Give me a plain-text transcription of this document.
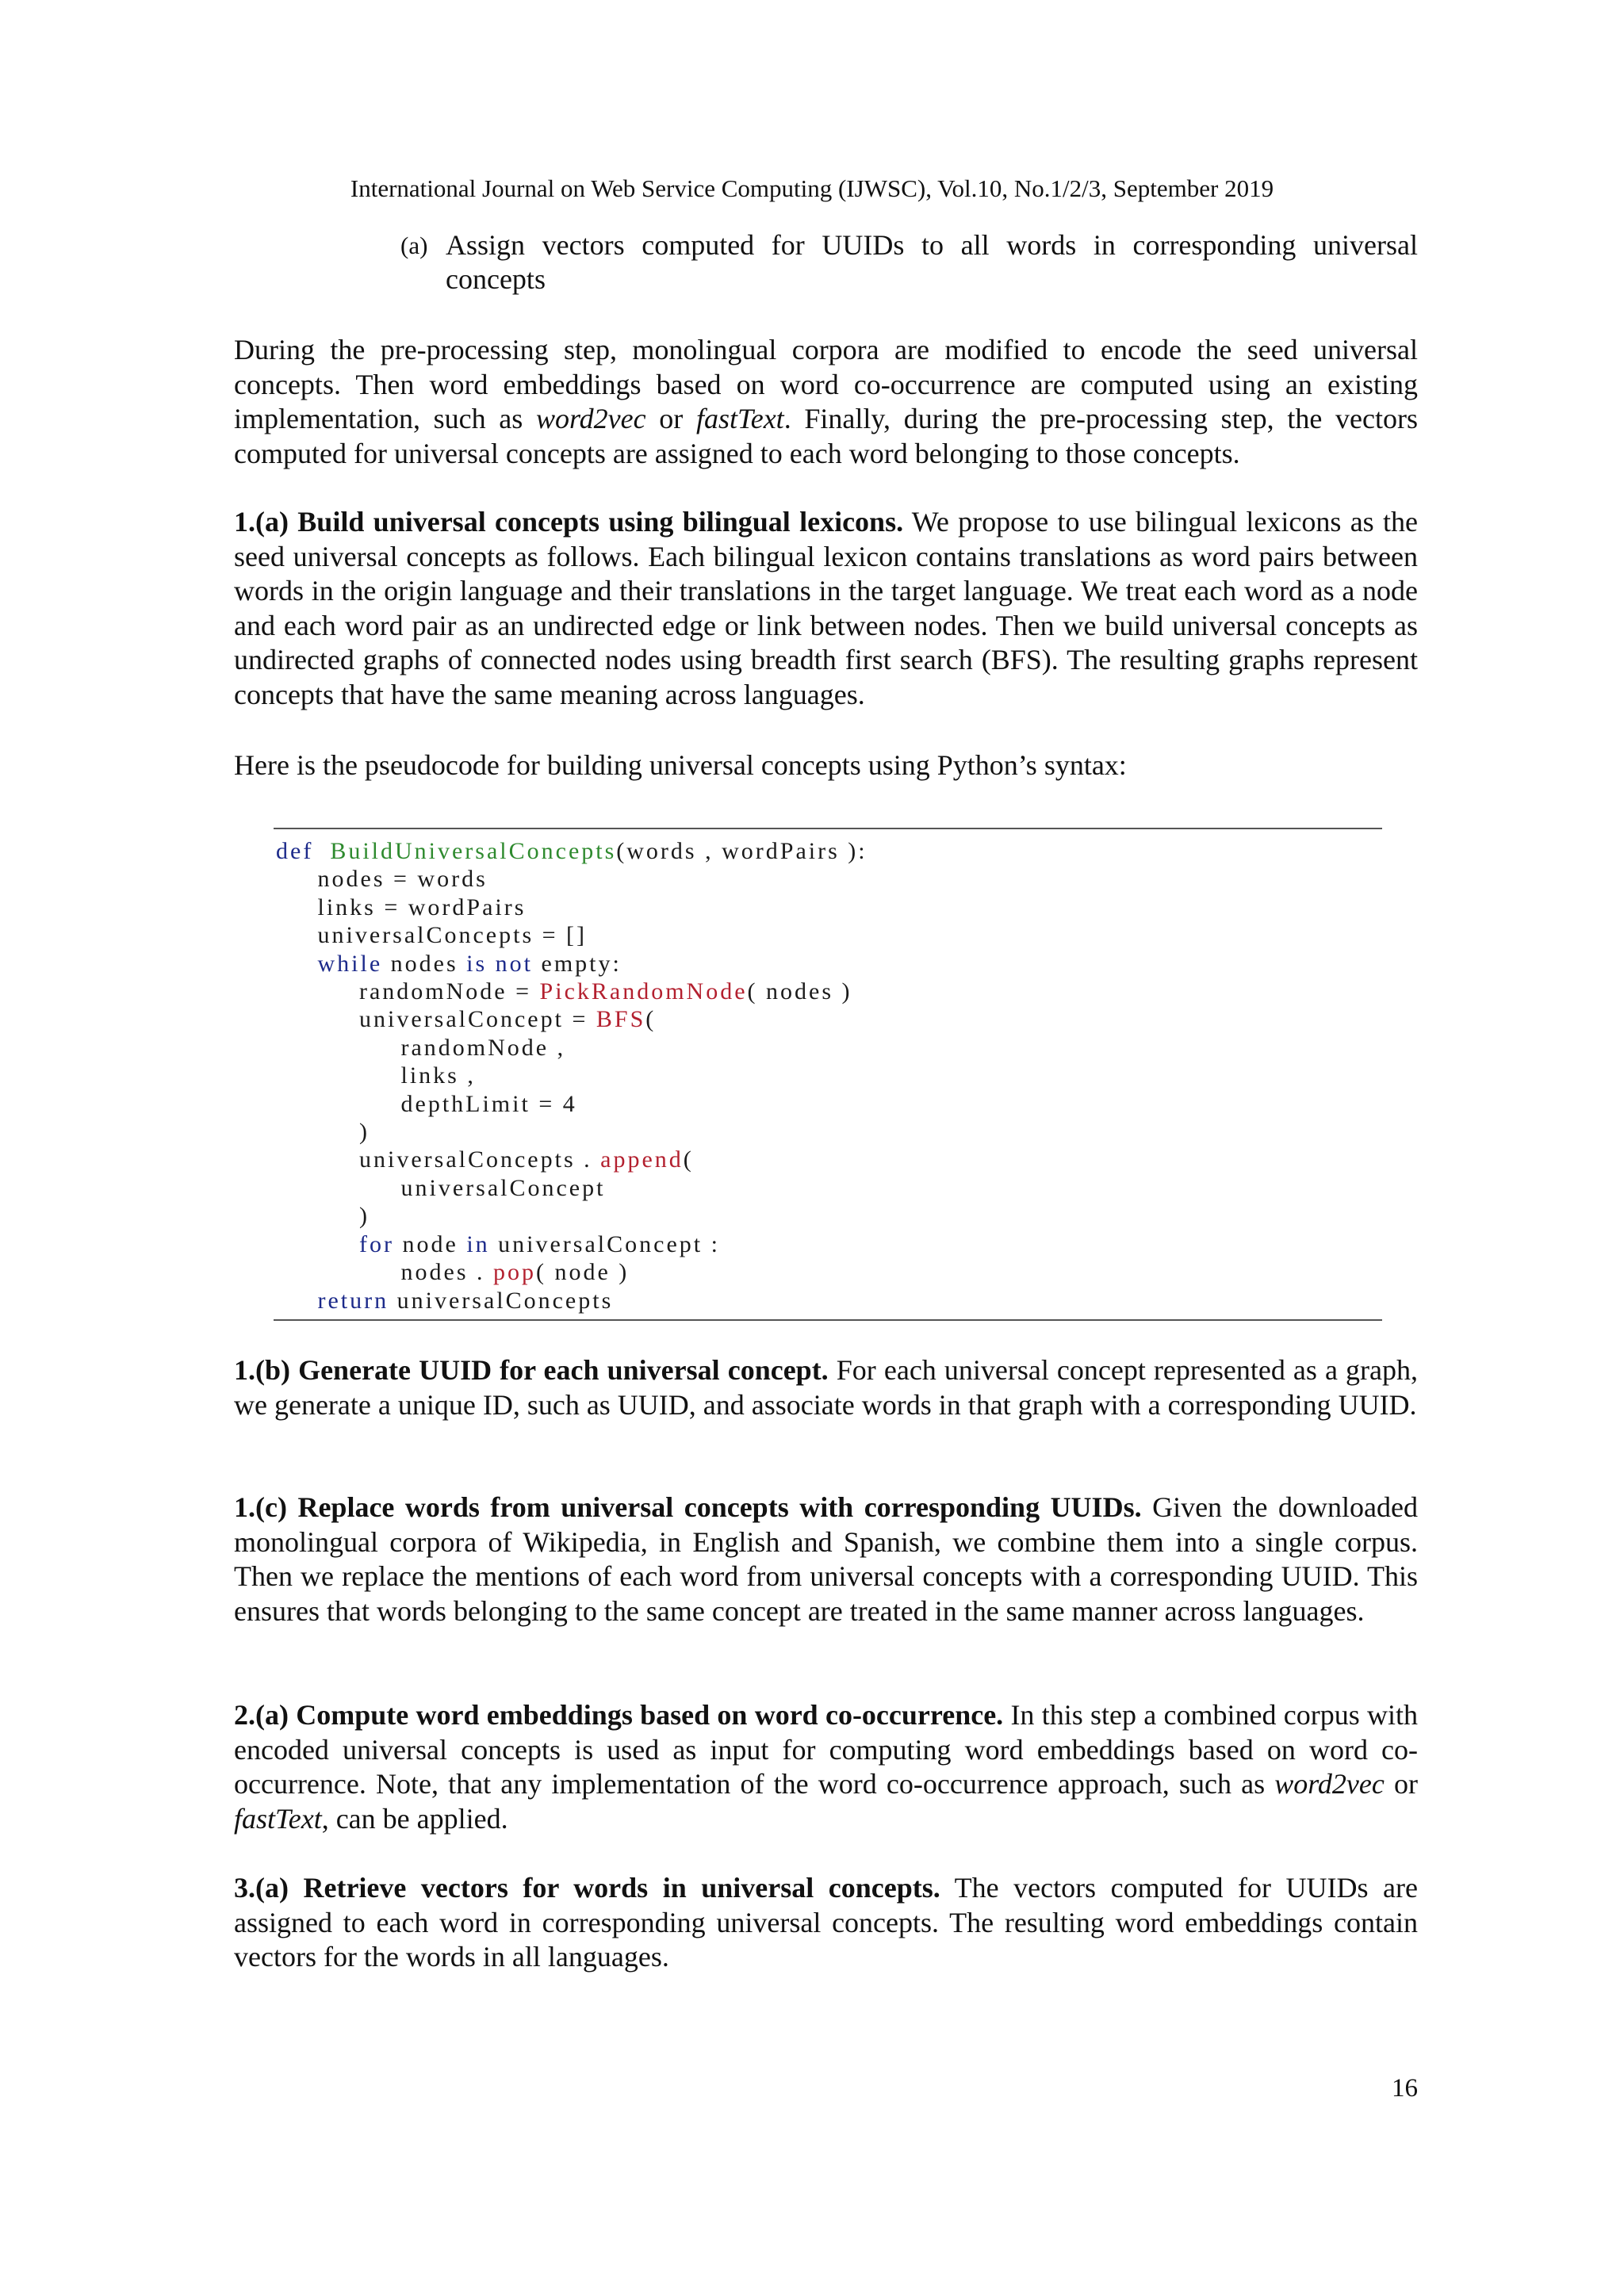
International Journal on Web Service Computing (IJWSC), Vol.10, No.1/2/3, September 2019
(a) Assign vectors computed for UUIDs to all words in corresponding universal concepts

During the pre-processing step, monolingual corpora are modified to encode the seed universal concepts. Then word embeddings based on word co-occurrence are computed using an existing implementation, such as word2vec or fastText. Finally, during the pre-processing step, the vectors computed for universal concepts are assigned to each word belonging to those concepts.

1.(a) Build universal concepts using bilingual lexicons. We propose to use bilingual lexicons as the seed universal concepts as follows. Each bilingual lexicon contains translations as word pairs between words in the origin language and their translations in the target language. We treat each word as a node and each word pair as an undirected edge or link between nodes. Then we build universal concepts as undirected graphs of connected nodes using breadth first search (BFS). The resulting graphs represent concepts that have the same meaning across languages.

Here is the pseudocode for building universal concepts using Python’s syntax:

def BuildUniversalConcepts(words , wordPairs ):
nodes = words
links = wordPairs
universalConcepts = []
while nodes is not empty:
randomNode = PickRandomNode( nodes )
universalConcept = BFS(
randomNode ,
links ,
depthLimit = 4
)
universalConcepts . append(
universalConcept
)
for node in universalConcept :
nodes . pop( node )
return universalConcepts

1.(b) Generate UUID for each universal concept. For each universal concept represented as a graph, we generate a unique ID, such as UUID, and associate words in that graph with a corresponding UUID.

1.(c) Replace words from universal concepts with corresponding UUIDs. Given the downloaded monolingual corpora of Wikipedia, in English and Spanish, we combine them into a single corpus. Then we replace the mentions of each word from universal concepts with a corresponding UUID. This ensures that words belonging to the same concept are treated in the same manner across languages.

2.(a) Compute word embeddings based on word co-occurrence. In this step a combined corpus with encoded universal concepts is used as input for computing word embeddings based on word co- occurrence. Note, that any implementation of the word co-occurrence approach, such as word2vec or fastText, can be applied.

3.(a) Retrieve vectors for words in universal concepts. The vectors computed for UUIDs are assigned to each word in corresponding universal concepts. The resulting word embeddings contain vectors for the words in all languages.

16
